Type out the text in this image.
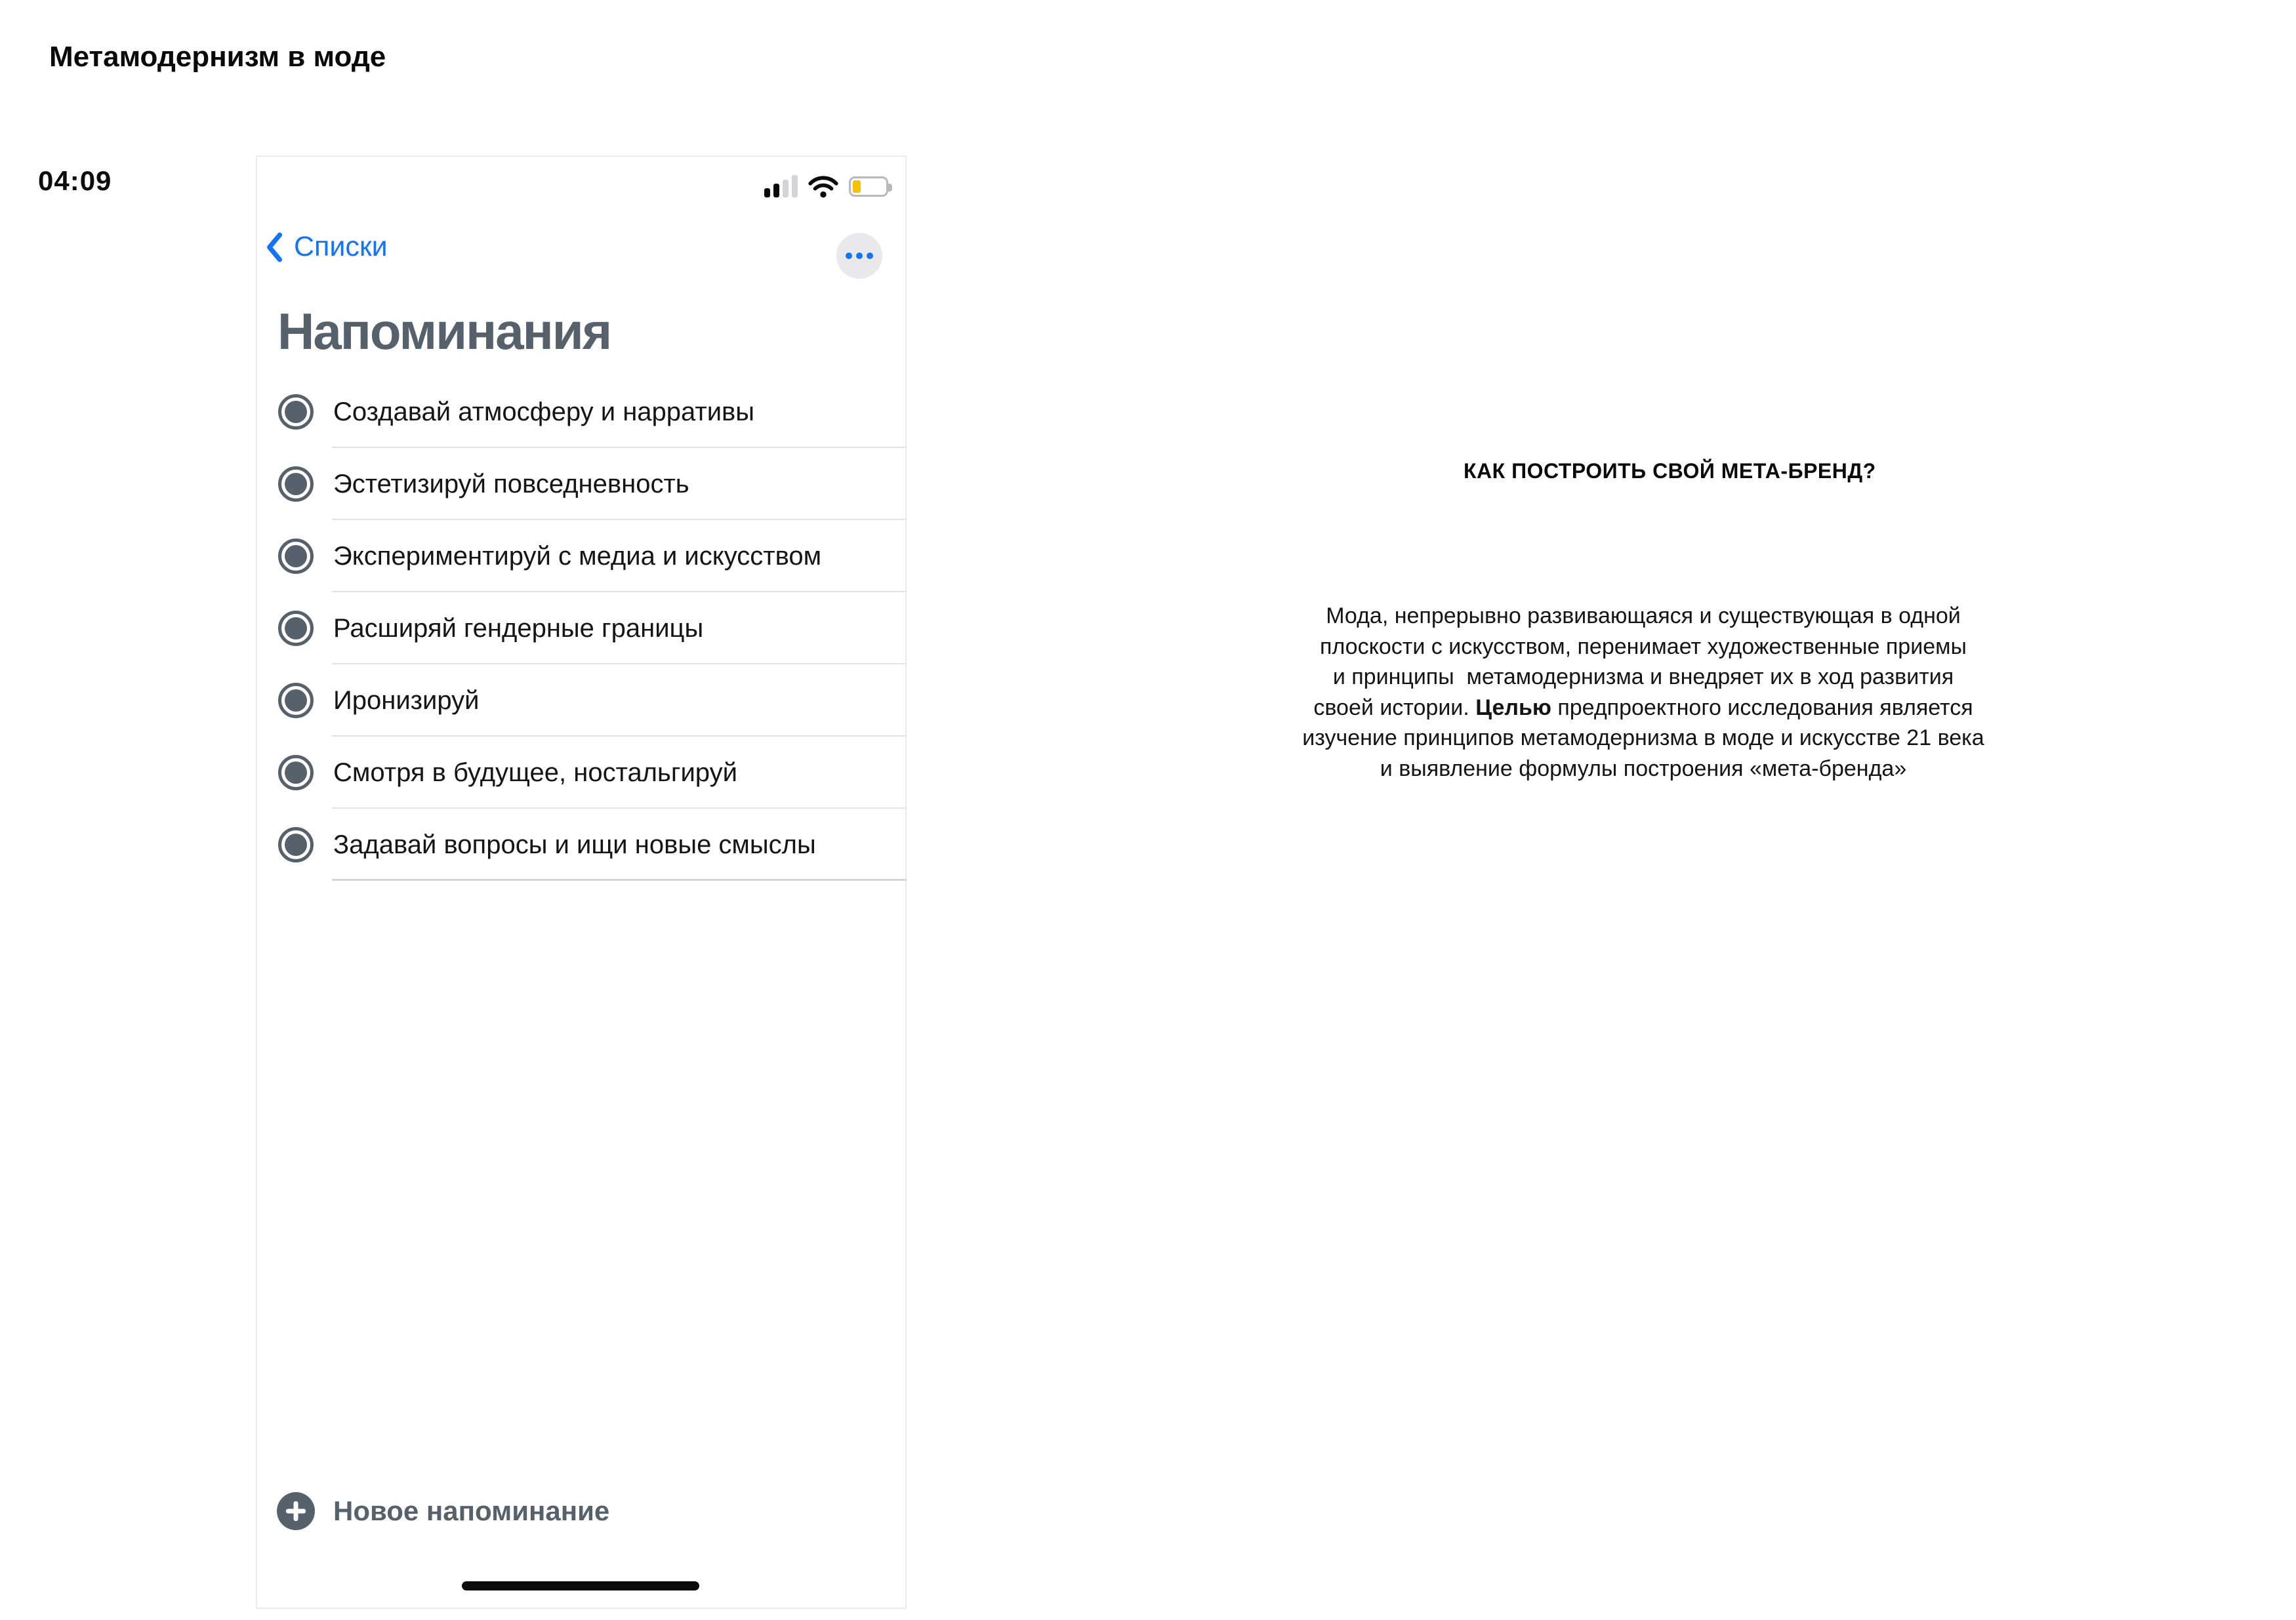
Метамодернизм в моде
04:09
Списки
Напоминания
Создавай атмосферу и нарративы
Эстетизируй повседневность
Экспериментируй с медиа и искусством
Расширяй гендерные границы
Иронизируй
Смотря в будущее, ностальгируй
Задавай вопросы и ищи новые смыслы
Новое напоминание
КАК ПОСТРОИТЬ СВОЙ МЕТА-БРЕНД?
Мода, непрерывно развивающаяся и существующая в одной
плоскости с искусством, перенимает художественные приемы
и принципы  метамодернизма и внедряет их в ход развития
своей истории. Целью предпроектного исследования является
изучение принципов метамодернизма в моде и искусстве 21 века
и выявление формулы построения «мета-бренда»
